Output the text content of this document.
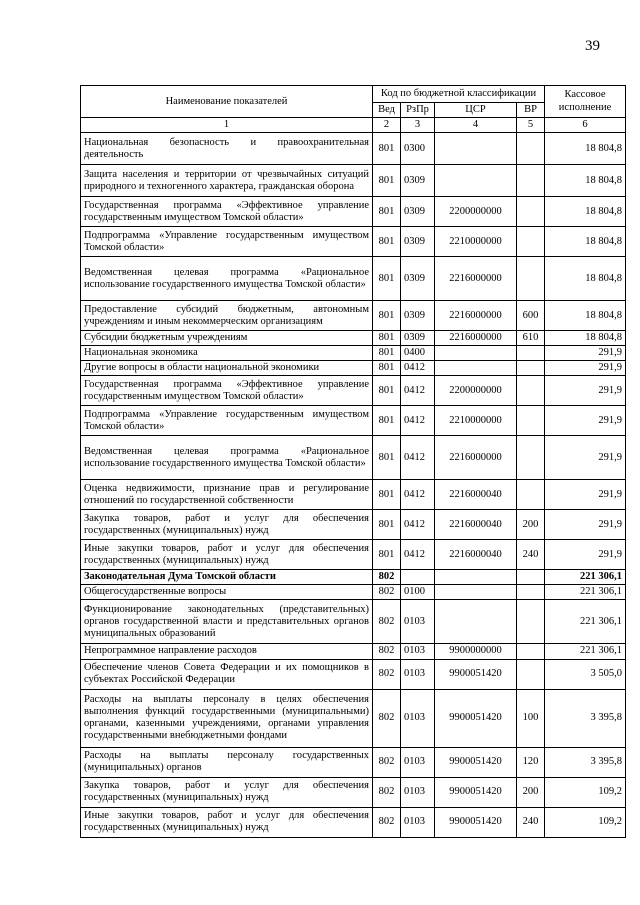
39
Наименование показателей	Код по бюджетной классификации				Кассовое исполнение
	Вед	РзПр	ЦСР	ВР	
1	2	3	4	5	6
Национальная безопасность и правоохранительная деятельность	801	0300			18 804,8
Защита населения и территории от чрезвычайных ситуаций природного и техногенного характера, гражданская оборона	801	0309			18 804,8
Государственная программа «Эффективное управление государственным имуществом Томской области»	801	0309	2200000000		18 804,8
Подпрограмма «Управление государственным имуществом Томской области»	801	0309	2210000000		18 804,8
Ведомственная целевая программа «Рациональное использование государственного имущества Томской области»	801	0309	2216000000		18 804,8
Предоставление субсидий бюджетным, автономным учреждениям и иным некоммерческим организациям	801	0309	2216000000	600	18 804,8
Субсидии бюджетным учреждениям	801	0309	2216000000	610	18 804,8
Национальная экономика	801	0400			291,9
Другие вопросы в области национальной экономики	801	0412			291,9
Государственная программа «Эффективное управление государственным имуществом Томской области»	801	0412	2200000000		291,9
Подпрограмма «Управление государственным имуществом Томской области»	801	0412	2210000000		291,9
Ведомственная целевая программа «Рациональное использование государственного имущества Томской области»	801	0412	2216000000		291,9
Оценка недвижимости, признание прав и регулирование отношений по государственной собственности	801	0412	2216000040		291,9
Закупка товаров, работ и услуг для обеспечения государственных (муниципальных) нужд	801	0412	2216000040	200	291,9
Иные закупки товаров, работ и услуг для обеспечения государственных (муниципальных) нужд	801	0412	2216000040	240	291,9
Законодательная Дума Томской области	802				221 306,1
Общегосударственные вопросы	802	0100			221 306,1
Функционирование законодательных (представительных) органов государственной власти и представительных органов муниципальных образований	802	0103			221 306,1
Непрограммное направление расходов	802	0103	9900000000		221 306,1
Обеспечение членов Совета Федерации и их помощников в субъектах Российской Федерации	802	0103	9900051420		3 505,0
Расходы на выплаты персоналу в целях обеспечения выполнения функций государственными (муниципальными) органами, казенными учреждениями, органами управления государственными внебюджетными фондами	802	0103	9900051420	100	3 395,8
Расходы на выплаты персоналу государственных (муниципальных) органов	802	0103	9900051420	120	3 395,8
Закупка товаров, работ и услуг для обеспечения государственных (муниципальных) нужд	802	0103	9900051420	200	109,2
Иные закупки товаров, работ и услуг для обеспечения государственных (муниципальных) нужд	802	0103	9900051420	240	109,2
